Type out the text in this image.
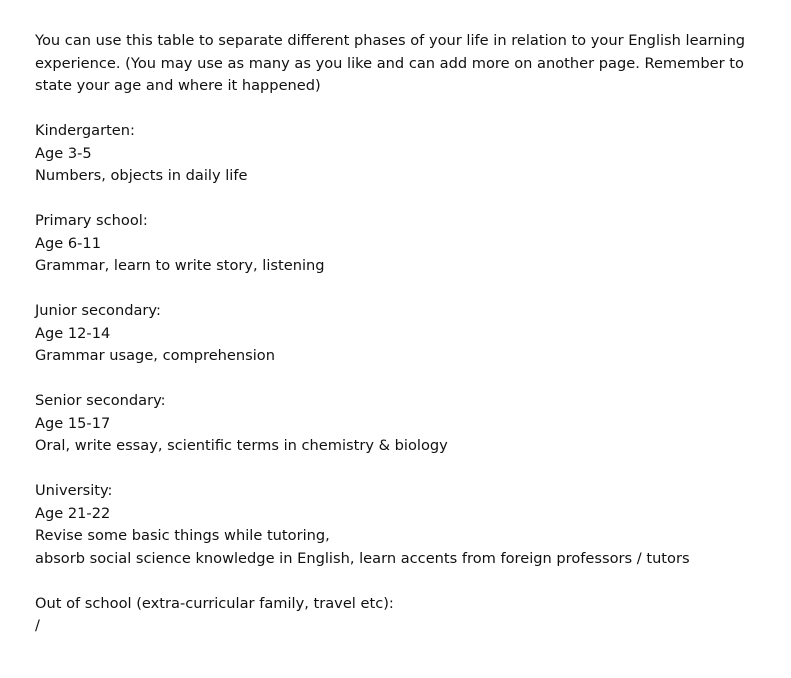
You can use this table to separate different phases of your life in relation to your English learning
experience. (You may use as many as you like and can add more on another page. Remember to
state your age and where it happened)
Kindergarten:
Age 3-5
Numbers, objects in daily life
Primary school:
Age 6-11
Grammar, learn to write story, listening
Junior secondary:
Age 12-14
Grammar usage, comprehension
Senior secondary:
Age 15-17
Oral, write essay, scientific terms in chemistry & biology
University:
Age 21-22
Revise some basic things while tutoring,
absorb social science knowledge in English, learn accents from foreign professors / tutors
Out of school (extra-curricular family, travel etc):
/
